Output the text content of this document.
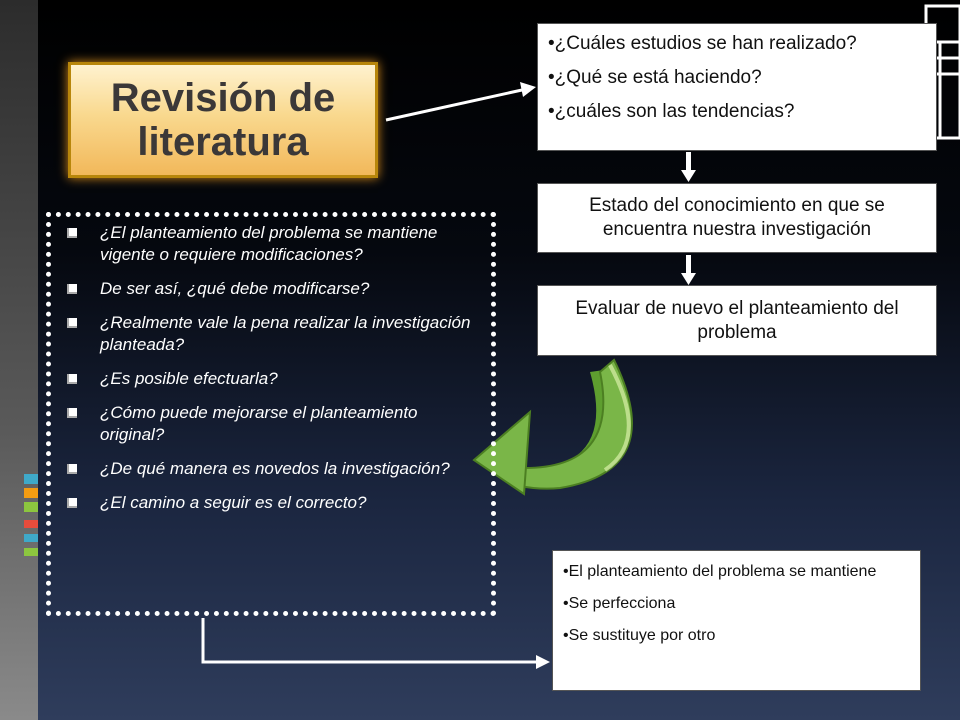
Revisión de literatura

•¿Cuáles estudios se han realizado?

•¿Qué se está haciendo?

•¿cuáles son las tendencias?

Estado del conocimiento en que se encuentra nuestra investigación
Evaluar de nuevo el planteamiento del problema
¿El planteamiento del problema se mantiene vigente o requiere modificaciones?
De ser así, ¿qué debe modificarse?
¿Realmente vale la pena realizar la investigación planteada?
¿Es posible efectuarla?
¿Cómo puede mejorarse el planteamiento original?
¿De qué manera es novedos la investigación?
¿El camino a seguir es el correcto?

•El planteamiento del problema se mantiene

•Se perfecciona

•Se sustituye por otro
